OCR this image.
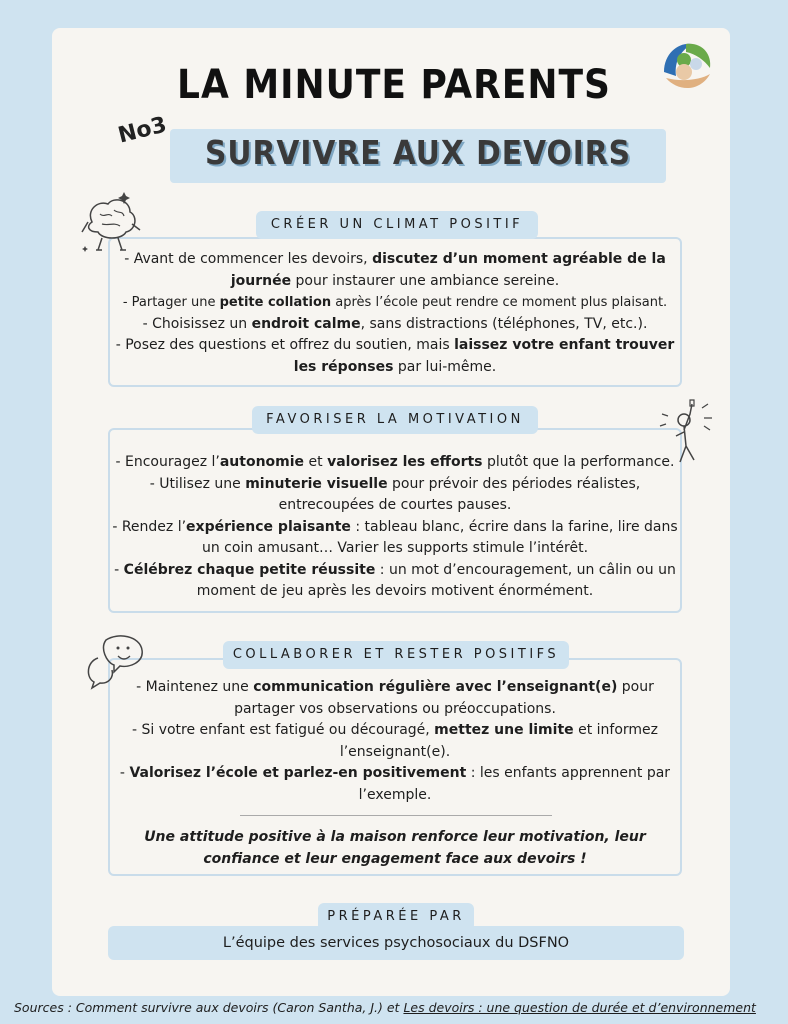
LA MINUTE PARENTS
No3
SURVIVRE AUX DEVOIRS
CRÉER UN CLIMAT POSITIF

- Avant de commencer les devoirs, discutez d’un moment agréable de la journée pour instaurer une ambiance sereine.

- Partager une petite collation après l’école peut rendre ce moment plus plaisant.

- Choisissez un endroit calme, sans distractions (téléphones, TV, etc.).

- Posez des questions et offrez du soutien, mais laissez votre enfant trouver les réponses par lui-même.

FAVORISER LA MOTIVATION

- Encouragez l’autonomie et valorisez les efforts plutôt que la performance.

- Utilisez une minuterie visuelle pour prévoir des périodes réalistes, entrecoupées de courtes pauses.

- Rendez l’expérience plaisante : tableau blanc, écrire dans la farine, lire dans un coin amusant… Varier les supports stimule l’intérêt.

- Célébrez chaque petite réussite : un mot d’encouragement, un câlin ou un moment de jeu après les devoirs motivent énormément.

COLLABORER ET RESTER POSITIFS

- Maintenez une communication régulière avec l’enseignant(e) pour partager vos observations ou préoccupations.

- Si votre enfant est fatigué ou découragé, mettez une limite et informez l’enseignant(e).

- Valorisez l’école et parlez-en positivement : les enfants apprennent par l’exemple.

Une attitude positive à la maison renforce leur motivation, leur confiance et leur engagement face aux devoirs !
PRÉPARÉE PAR
L’équipe des services psychosociaux du DSFNO
Sources : Comment survivre aux devoirs (Caron Santha, J.) et Les devoirs : une question de durée et d’environnement
